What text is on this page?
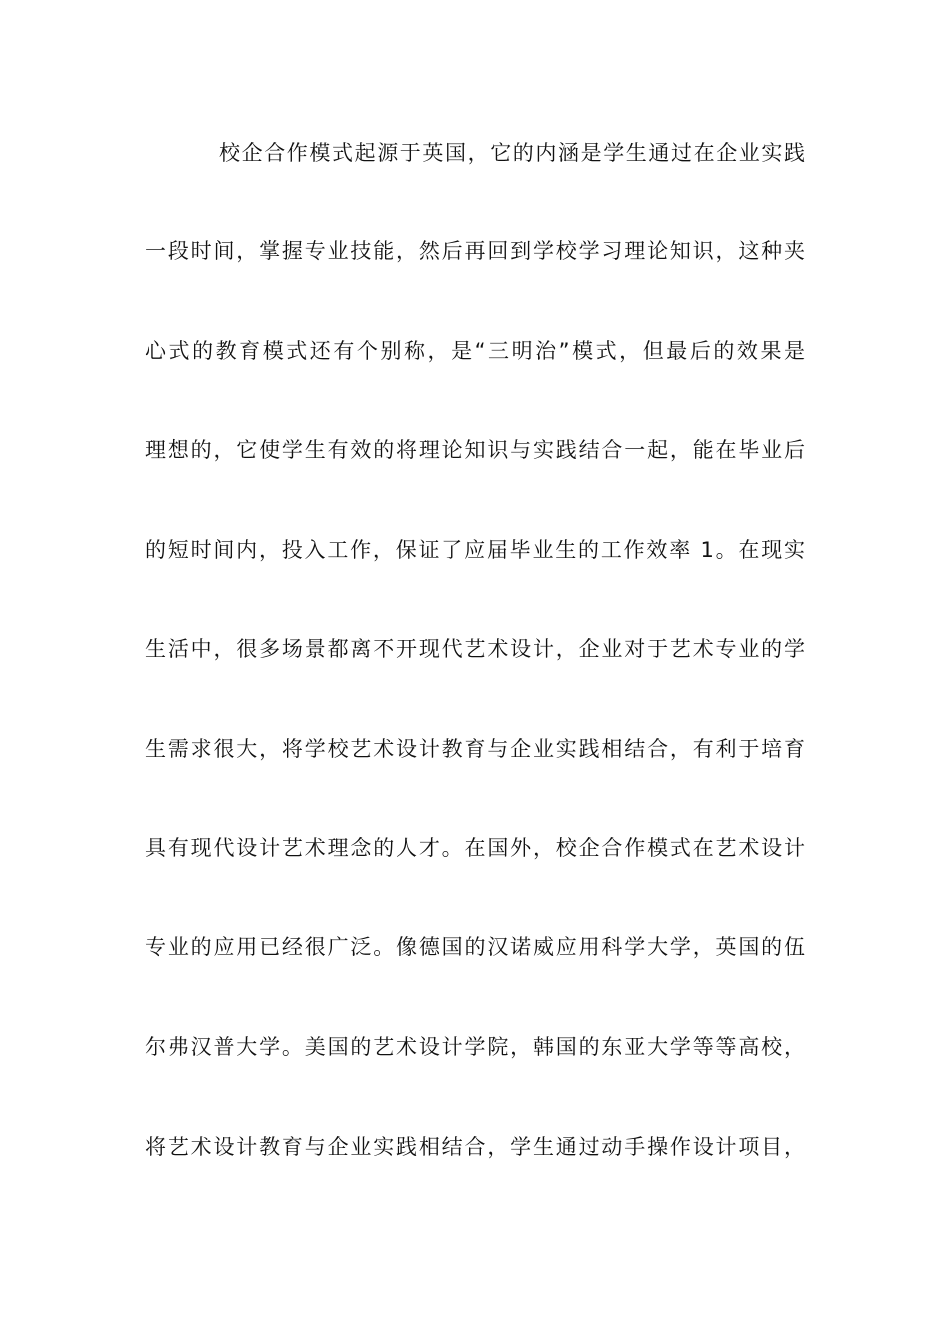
校企合作模式起源于英国，它的内涵是学生通过在企业实践
一段时间，掌握专业技能，然后再回到学校学习理论知识，这种夹
心式的教育模式还有个别称，是“三明治”模式，但最后的效果是
理想的，它使学生有效的将理论知识与实践结合一起，能在毕业后
的短时间内，投入工作，保证了应届毕业生的工作效率 1。在现实
生活中，很多场景都离不开现代艺术设计，企业对于艺术专业的学
生需求很大，将学校艺术设计教育与企业实践相结合，有利于培育
具有现代设计艺术理念的人才。在国外，校企合作模式在艺术设计
专业的应用已经很广泛。像德国的汉诺威应用科学大学，英国的伍
尔弗汉普大学。美国的艺术设计学院，韩国的东亚大学等等高校，
将艺术设计教育与企业实践相结合，学生通过动手操作设计项目，
